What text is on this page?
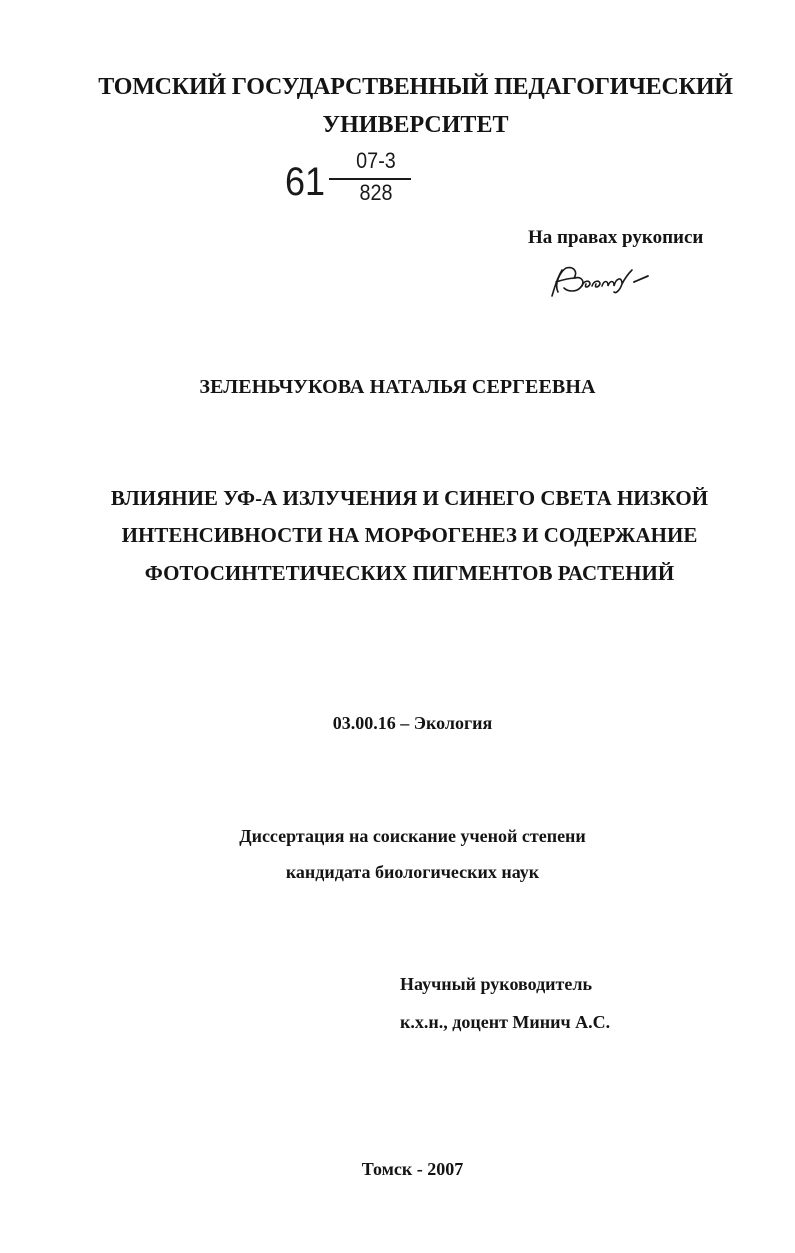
ТОМСКИЙ ГОСУДАРСТВЕННЫЙ ПЕДАГОГИЧЕСКИЙ
УНИВЕРСИТЕТ
61 07-3
828
На правах рукописи
ЗЕЛЕНЬЧУКОВА НАТАЛЬЯ СЕРГЕЕВНА
ВЛИЯНИЕ УФ-А ИЗЛУЧЕНИЯ И СИНЕГО СВЕТА НИЗКОЙ
ИНТЕНСИВНОСТИ НА МОРФОГЕНЕЗ И СОДЕРЖАНИЕ
ФОТОСИНТЕТИЧЕСКИХ ПИГМЕНТОВ РАСТЕНИЙ
03.00.16 – Экология
Диссертация на соискание ученой степени
кандидата биологических наук
Научный руководитель
к.х.н., доцент Минич А.С.
Томск - 2007
